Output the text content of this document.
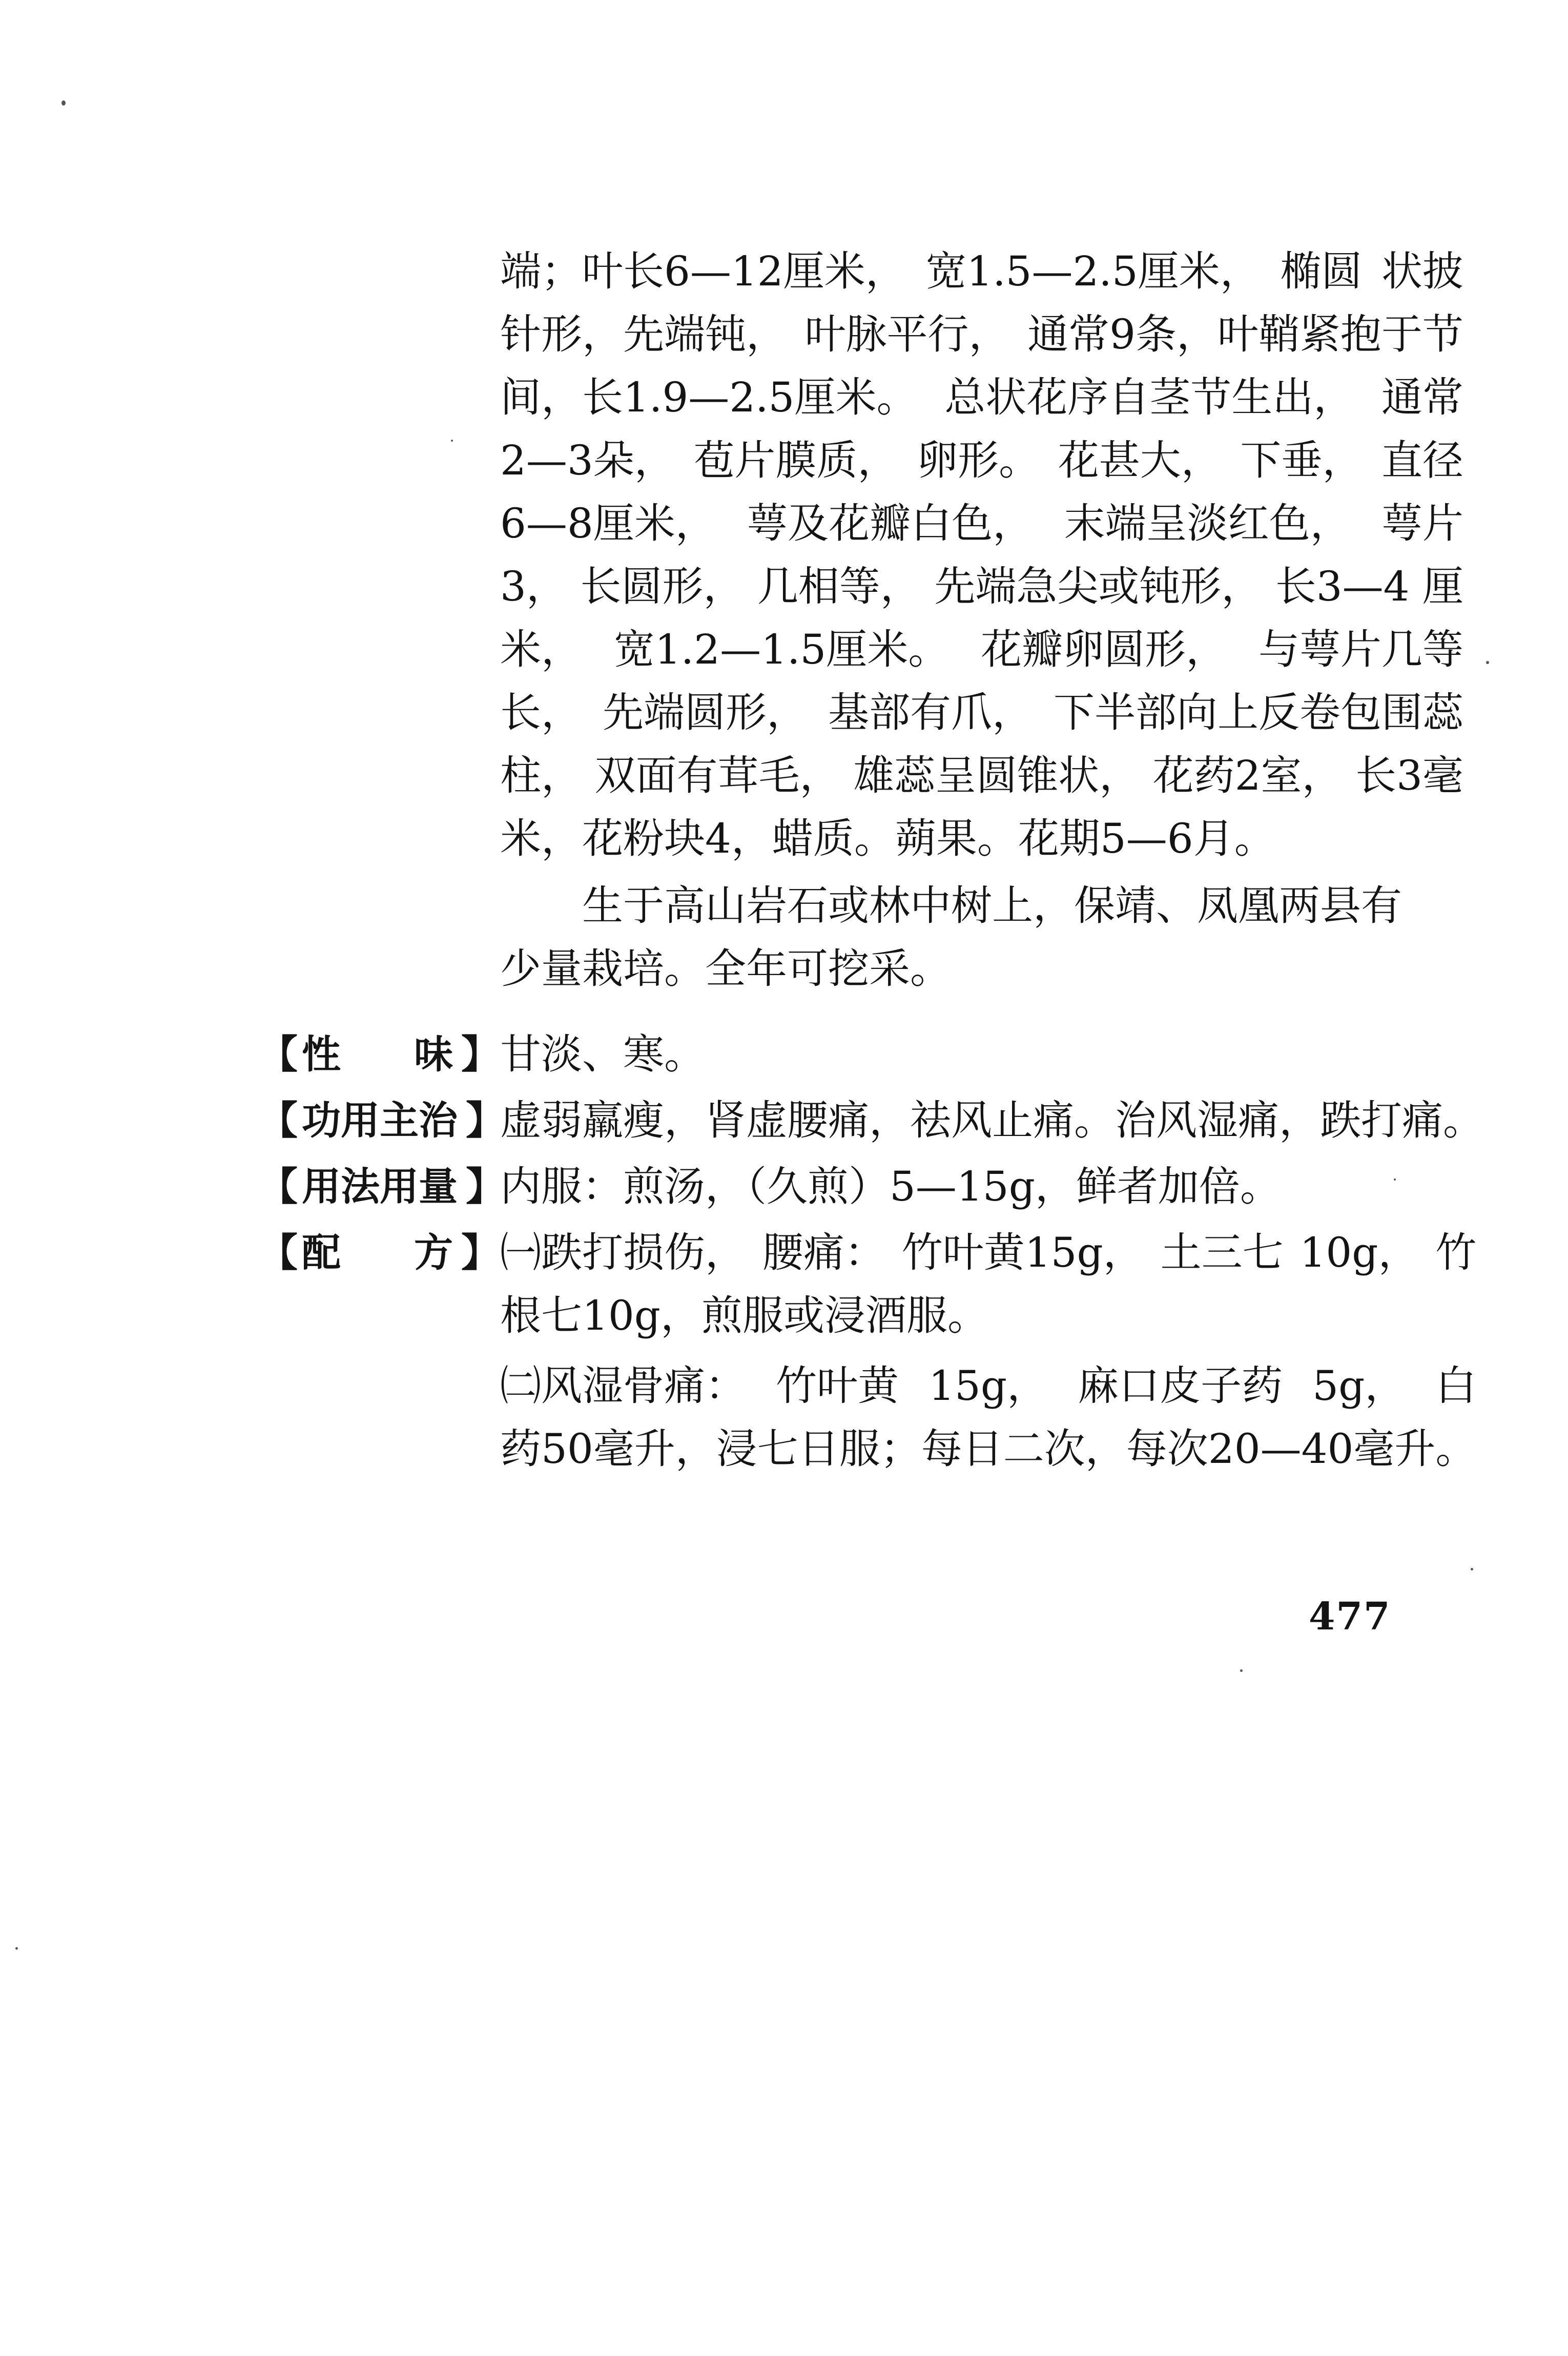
端；叶长6—12厘米， 宽1.5—2.5厘米， 椭圆 状披
针形，先端钝， 叶脉平行， 通常9条，叶鞘紧抱于节
间，长1.9—2.5厘米。 总状花序自茎节生出， 通常
2—3朵， 苞片膜质， 卵形。 花甚大， 下垂， 直径
6—8厘米， 萼及花瓣白色， 末端呈淡红色， 萼片
3， 长圆形， 几相等， 先端急尖或钝形， 长3—4 厘
米， 宽1.2—1.5厘米。 花瓣卵圆形， 与萼片几等
长， 先端圆形， 基部有爪， 下半部向上反卷包围蕊
柱， 双面有茸毛， 雄蕊呈圆锥状， 花药2室， 长3毫
米，花粉块4，蜡质。蒴果。花期5—6月。
生于高山岩石或林中树上，保靖、凤凰两县有
少量栽培。全年可挖采。
【 性 味 】 甘淡、寒。
【 功 用 主 治 】
虚弱羸瘦，肾虚腰痛，祛风止痛。治风湿痛，跌打痛。
【 用 法 用 量 】
内服：煎汤，（久煎）5—15g，鲜者加倍。
【 配 方 】 ㈠跌打损伤， 腰痛： 竹叶黄15g， 土三七 10g， 竹
根七10g，煎服或浸酒服。
㈡风湿骨痛： 竹叶黄 15g， 麻口皮子药 5g， 白
药50毫升，浸七日服；每日二次，每次20—40毫升。
477
